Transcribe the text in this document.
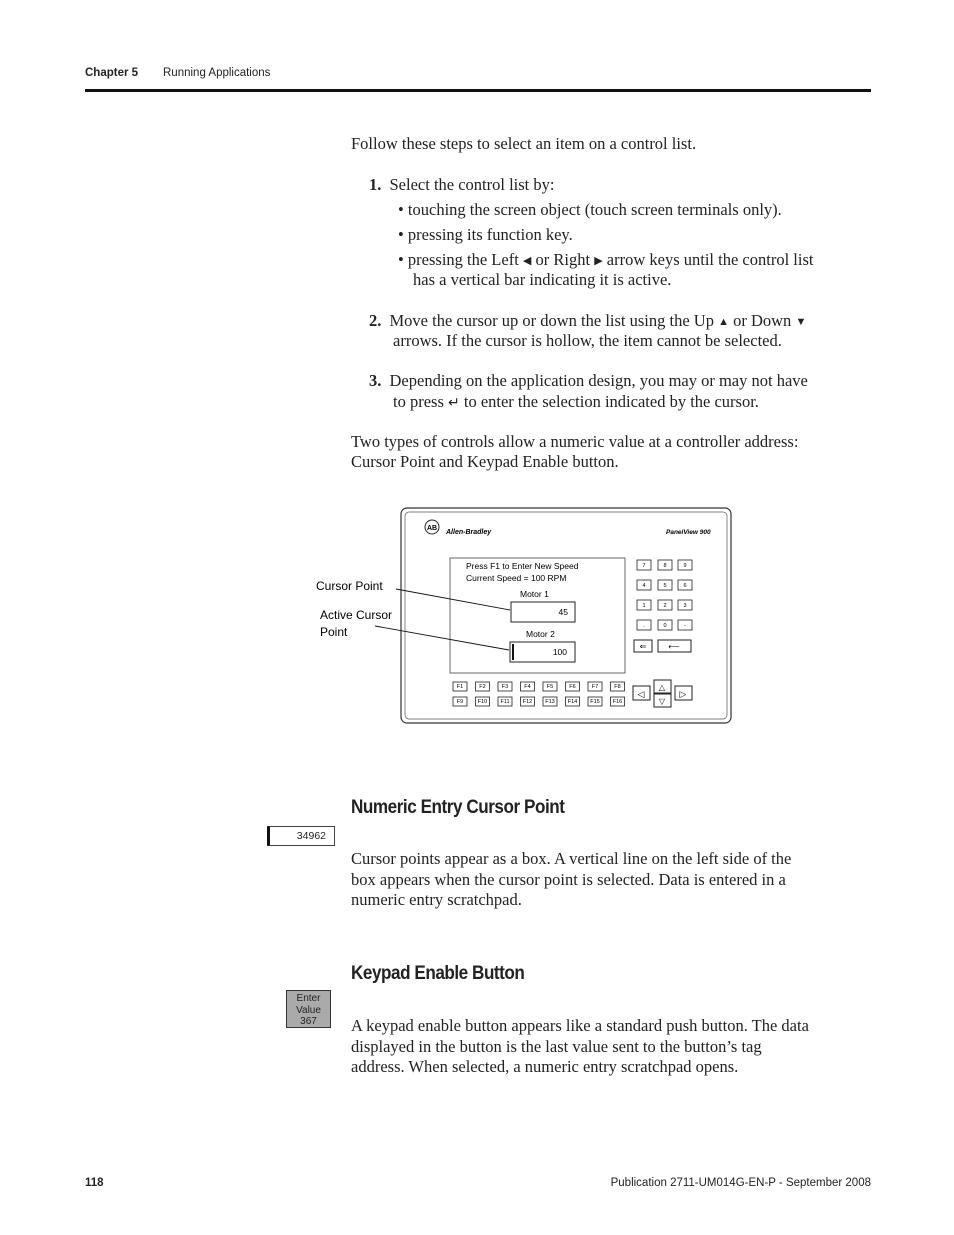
Chapter 5 Running Applications
Follow these steps to select an item on a control list.
1. Select the control list by:
• touching the screen object (touch screen terminals only).
• pressing its function key.
• pressing the Left ◀ or Right ▶ arrow keys until the control list
has a vertical bar indicating it is active.
2. Move the cursor up or down the list using the Up ▲ or Down ▼
arrows. If the cursor is hollow, the item cannot be selected.
3. Depending on the application design, you may or may not have
to press ↵ to enter the selection indicated by the cursor.
Two types of controls allow a numeric value at a controller address:
Cursor Point and Keypad Enable button.
AB
Allen-Bradley	PanelView 900
Press F1 to Enter New Speed
Current Speed = 100 RPM
Motor 1
45
Motor 2
100
Cursor Point
Active Cursor
Point
7	8	9
4	5	6
1	2	3
.	0	-
F1	F2	F3	F4	F5	F6	F7	F8
F9	F10 F11 F12 F13 F14 F15 F16
⇐	⟵
◁	▷
△
▽
Numeric Entry Cursor Point
34962
Cursor points appear as a box. A vertical line on the left side of the
box appears when the cursor point is selected. Data is entered in a
numeric entry scratchpad.
Keypad Enable Button
Enter
Value
367	A keypad enable button appears like a standard push button. The data
displayed in the button is the last value sent to the button’s tag
address. When selected, a numeric entry scratchpad opens.
118	Publication 2711-UM014G-EN-P - September 2008
